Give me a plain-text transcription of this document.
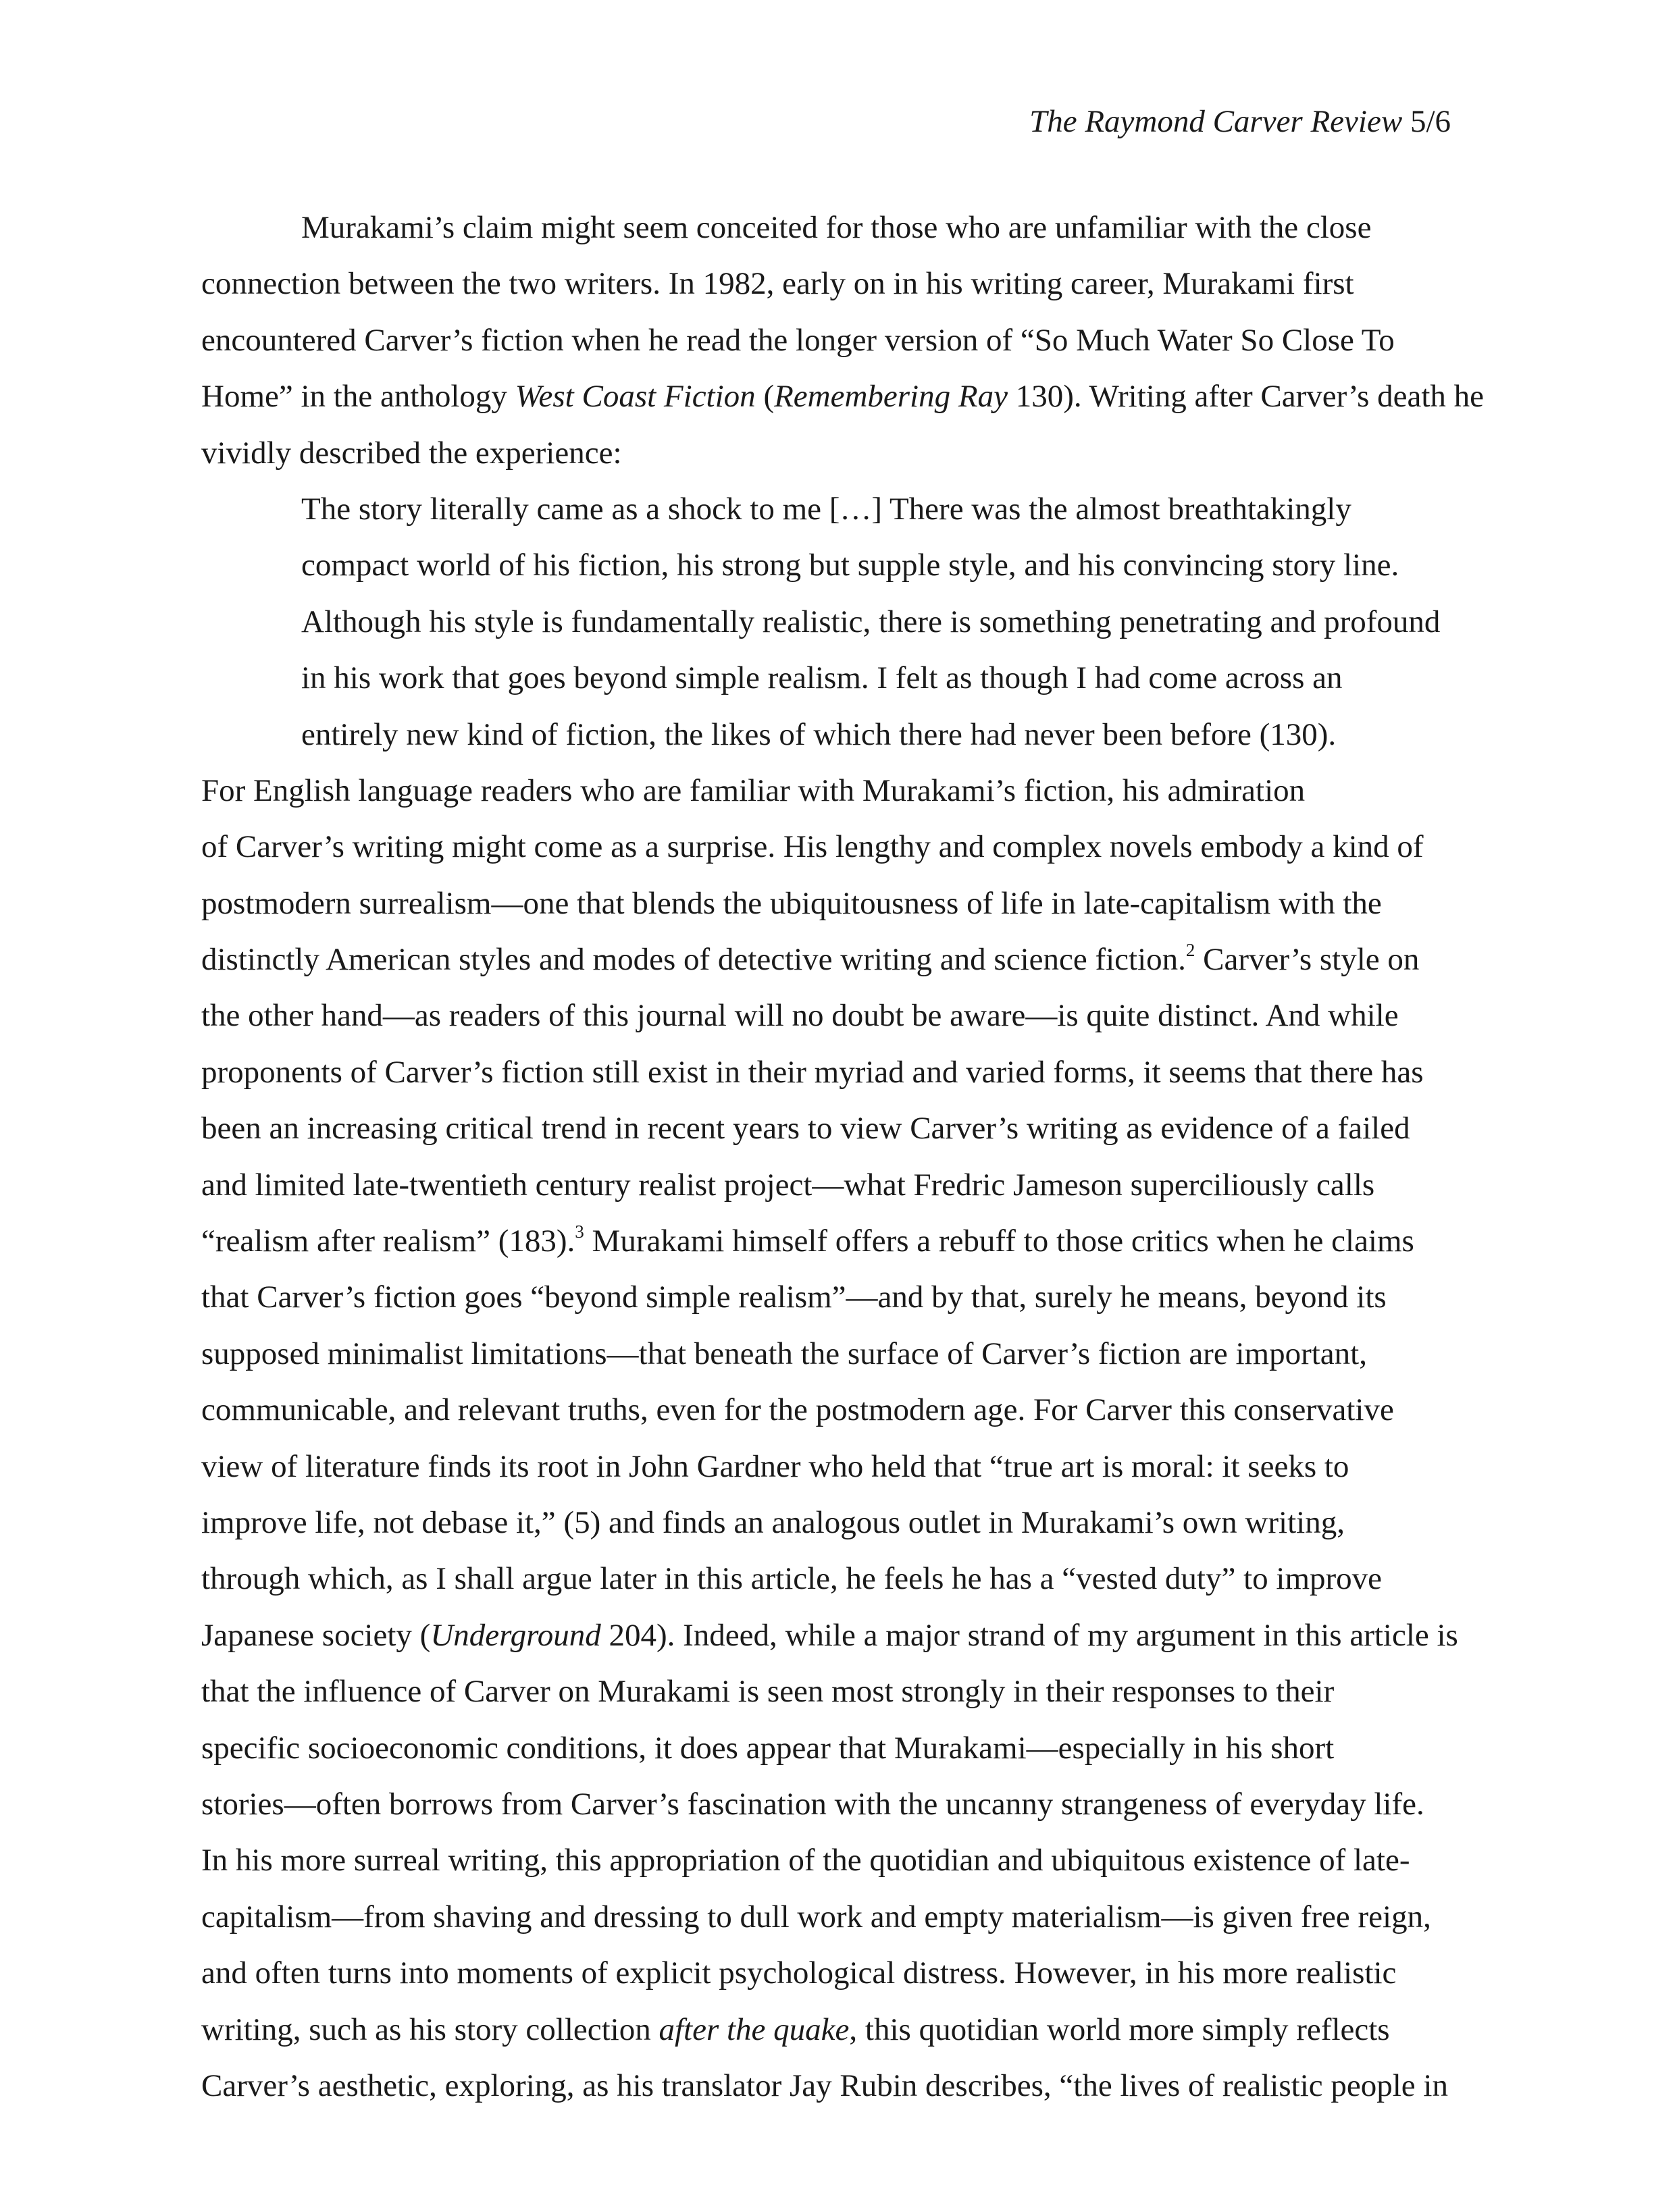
The Raymond Carver Review 5/6
Murakami’s claim might seem conceited for those who are unfamiliar with the close
connection between the two writers. In 1982, early on in his writing career, Murakami first
encountered Carver’s fiction when he read the longer version of “So Much Water So Close To
Home” in the anthology West Coast Fiction (Remembering Ray 130). Writing after Carver’s death he
vividly described the experience:
The story literally came as a shock to me […] There was the almost breathtakingly
compact world of his fiction, his strong but supple style, and his convincing story line.
Although his style is fundamentally realistic, there is something penetrating and profound
in his work that goes beyond simple realism. I felt as though I had come across an
entirely new kind of fiction, the likes of which there had never been before (130).
For English language readers who are familiar with Murakami’s fiction, his admiration
of Carver’s writing might come as a surprise. His lengthy and complex novels embody a kind of
postmodern surrealism—one that blends the ubiquitousness of life in late-capitalism with the
distinctly American styles and modes of detective writing and science fiction.$^2$ Carver’s style on
the other hand—as readers of this journal will no doubt be aware—is quite distinct. And while
proponents of Carver’s fiction still exist in their myriad and varied forms, it seems that there has
been an increasing critical trend in recent years to view Carver’s writing as evidence of a failed
and limited late-twentieth century realist project—what Fredric Jameson superciliously calls
“realism after realism” (183).$^3$ Murakami himself offers a rebuff to those critics when he claims
that Carver’s fiction goes “beyond simple realism”—and by that, surely he means, beyond its
supposed minimalist limitations—that beneath the surface of Carver’s fiction are important,
communicable, and relevant truths, even for the postmodern age. For Carver this conservative
view of literature finds its root in John Gardner who held that “true art is moral: it seeks to
improve life, not debase it,” (5) and finds an analogous outlet in Murakami’s own writing,
through which, as I shall argue later in this article, he feels he has a “vested duty” to improve
Japanese society (Underground 204). Indeed, while a major strand of my argument in this article is
that the influence of Carver on Murakami is seen most strongly in their responses to their
specific socioeconomic conditions, it does appear that Murakami—especially in his short
stories—often borrows from Carver’s fascination with the uncanny strangeness of everyday life.
In his more surreal writing, this appropriation of the quotidian and ubiquitous existence of late-
capitalism—from shaving and dressing to dull work and empty materialism—is given free reign,
and often turns into moments of explicit psychological distress. However, in his more realistic
writing, such as his story collection after the quake, this quotidian world more simply reflects
Carver’s aesthetic, exploring, as his translator Jay Rubin describes, “the lives of realistic people in
